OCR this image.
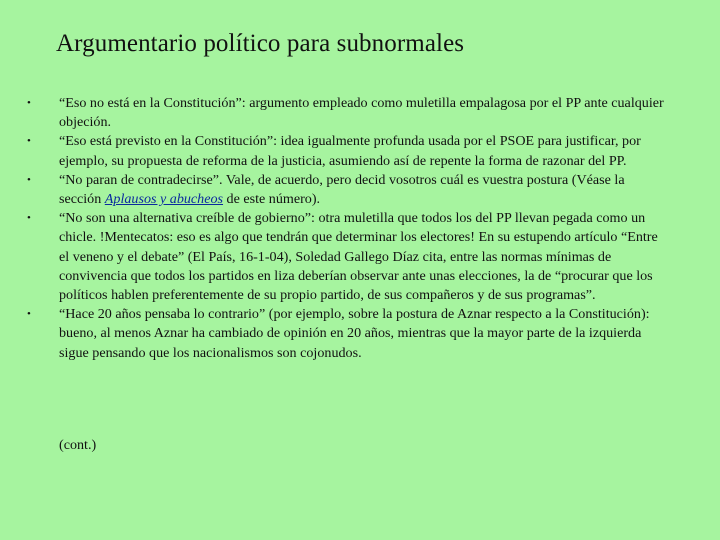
Argumentario político para subnormales
• “Eso no está en la Constitución”: argumento empleado como muletilla empalagosa por el PP ante cualquier objeción.
• “Eso está previsto en la Constitución”: idea igualmente profunda usada por el PSOE para justificar, por ejemplo, su propuesta de reforma de la justicia, asumiendo así de repente la forma de razonar del PP.
• “No paran de contradecirse”. Vale, de acuerdo, pero decid vosotros cuál es vuestra postura (Véase la sección Aplausos y abucheos de este número).
• “No son una alternativa creíble de gobierno”: otra muletilla que todos los del PP llevan pegada como un chicle. !Mentecatos: eso es algo que tendrán que determinar los electores! En su estupendo artículo “Entre el veneno y el debate” (El País, 16-1-04), Soledad Gallego Díaz cita, entre las normas mínimas de convivencia que todos los partidos en liza deberían observar ante unas elecciones, la de “procurar que los políticos hablen preferentemente de su propio partido, de sus compañeros y de sus programas”.
• “Hace 20 años pensaba lo contrario” (por ejemplo, sobre la postura de Aznar respecto a la Constitución): bueno, al menos Aznar ha cambiado de opinión en 20 años, mientras que la mayor parte de la izquierda sigue pensando que los nacionalismos son cojonudos.
(cont.)
